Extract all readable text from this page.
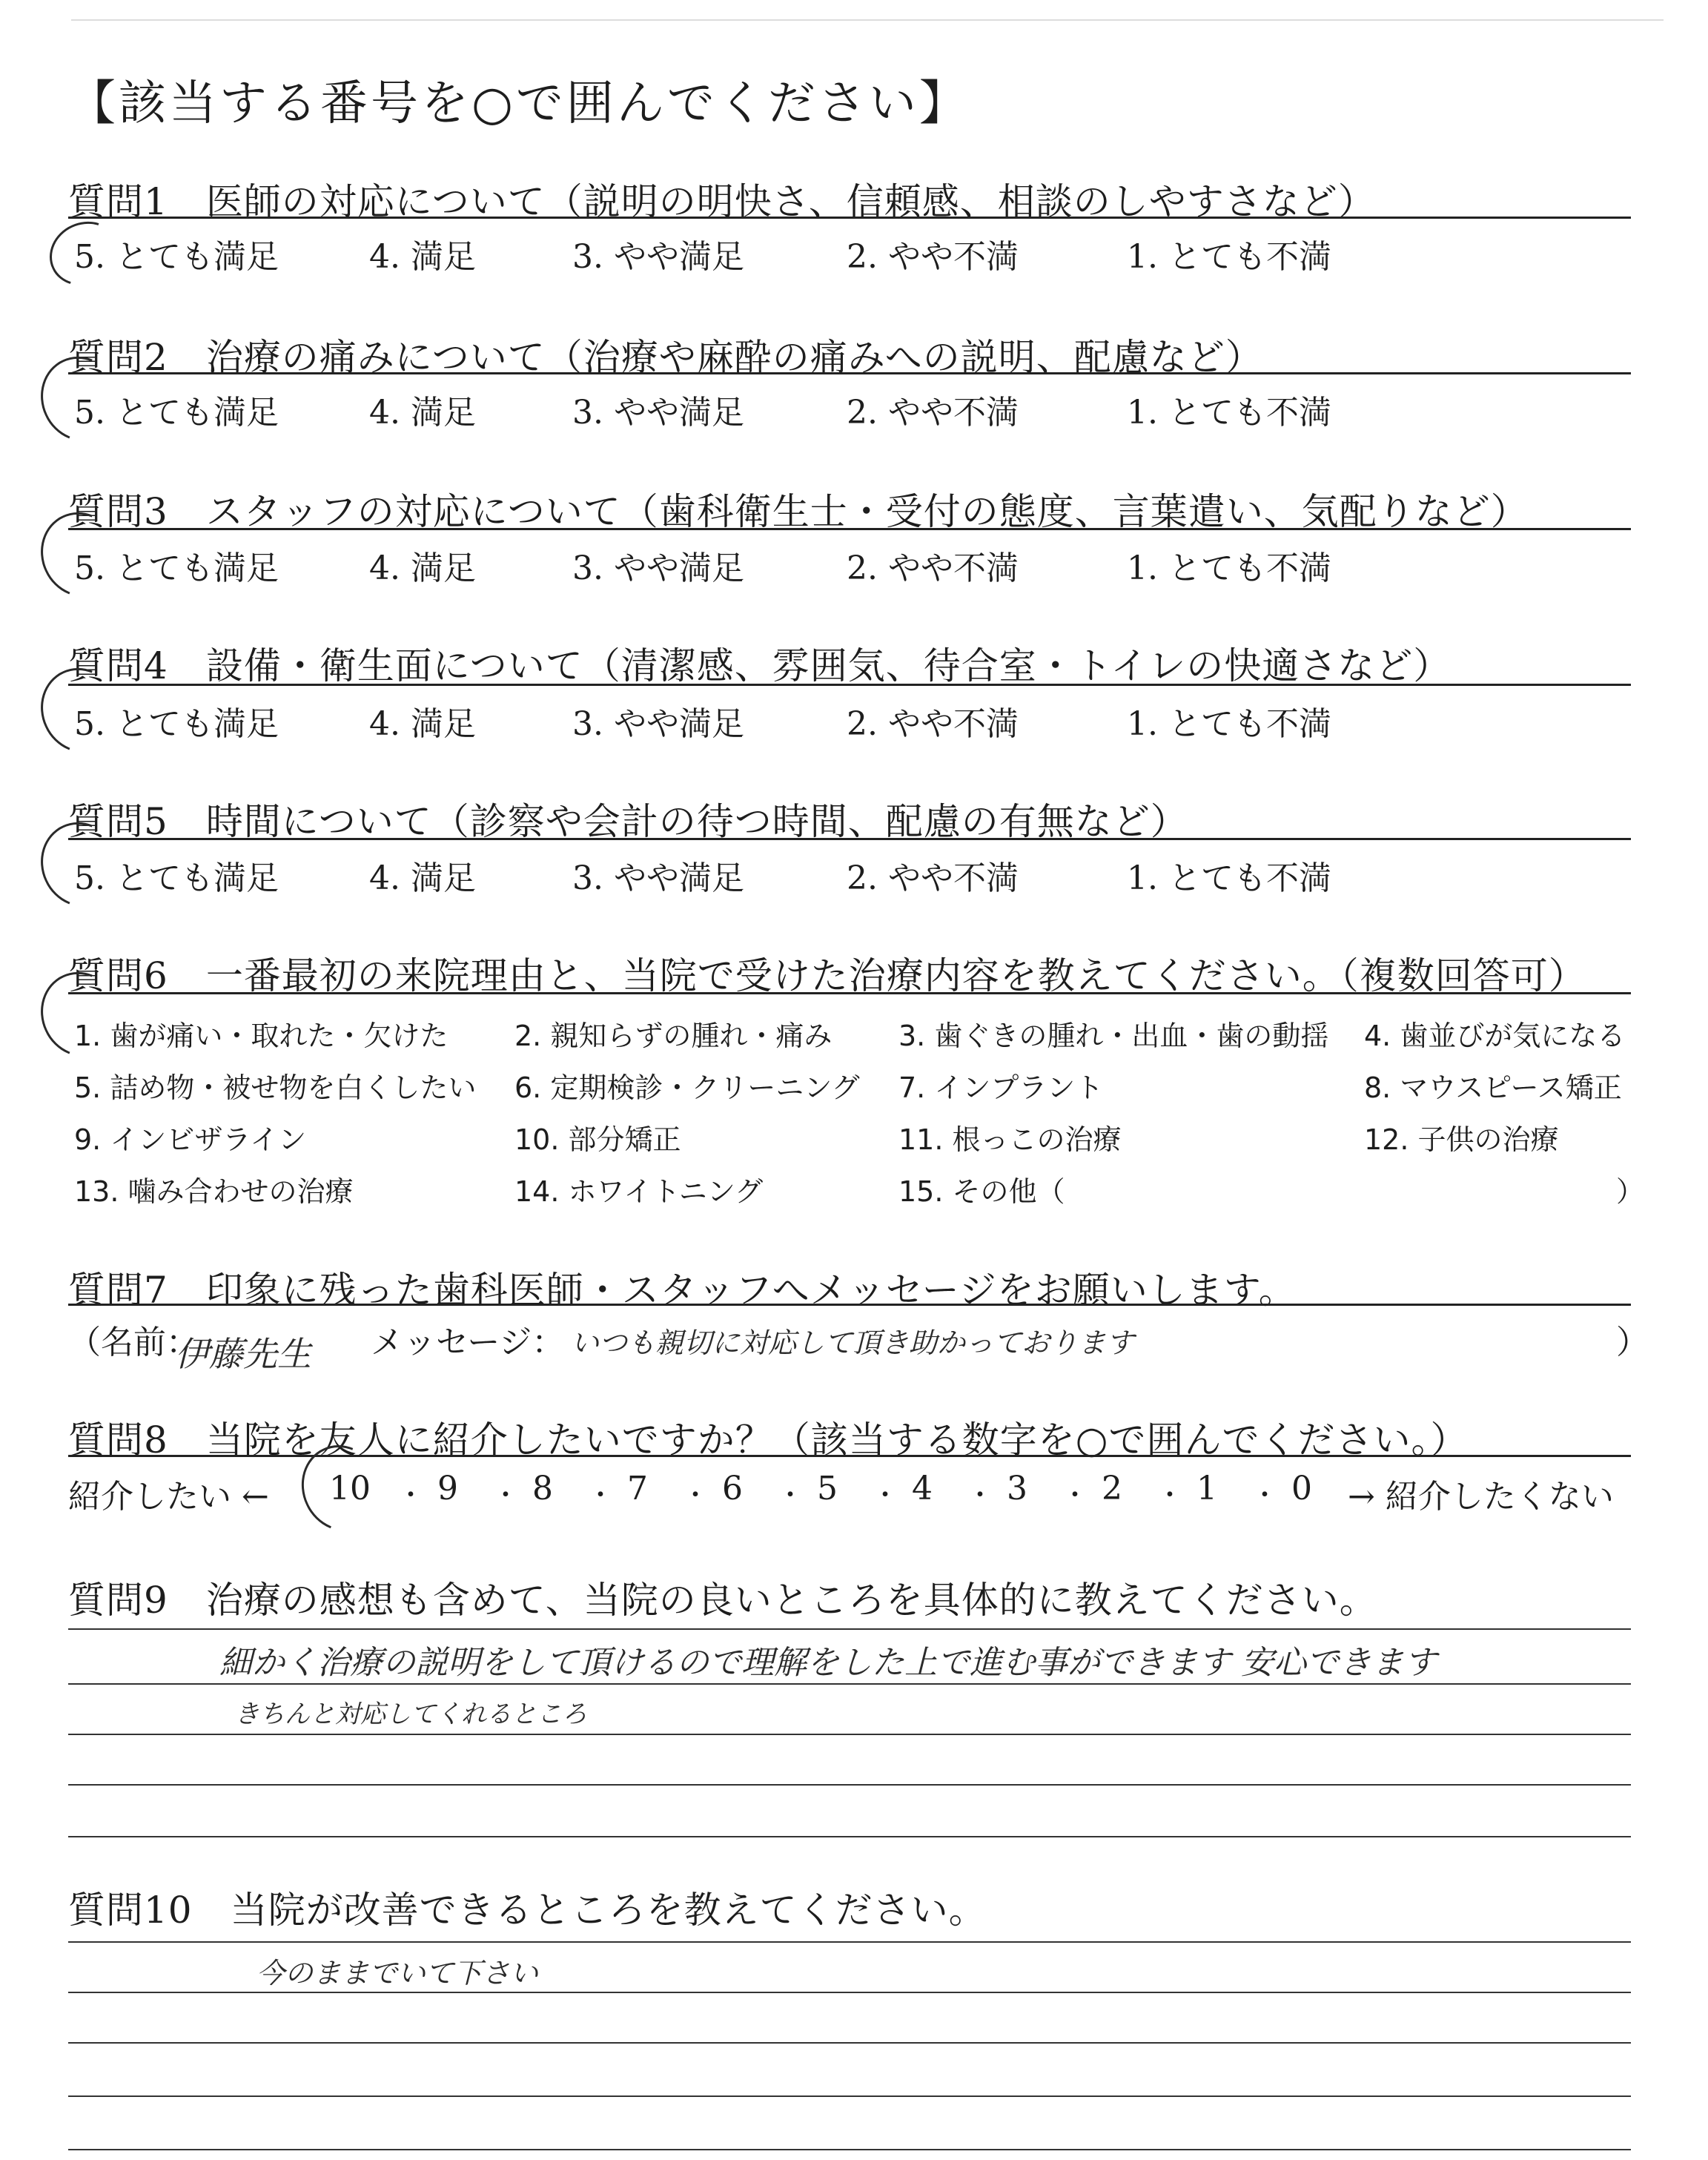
【該当する番号を○で囲んでください】
質問1　 医師の対応について（説明の明快さ、信頼感、相談のしやすさなど）
5. とても満足	4. 満足	3. やや満足	2. やや不満	1. とても不満
質問2　 治療の痛みについて（治療や麻酔の痛みへの説明、配慮など）
5. とても満足	4. 満足	3. やや満足	2. やや不満	1. とても不満
質問3　 スタッフの対応について（歯科衛生士・受付の態度、言葉遣い、気配りなど）
5. とても満足	4. 満足	3. やや満足	2. やや不満	1. とても不満
質問4　 設備・衛生面について（清潔感、雰囲気、待合室・トイレの快適さなど）
5. とても満足	4. 満足	3. やや満足	2. やや不満	1. とても不満
質問5　 時間について（診察や会計の待つ時間、配慮の有無など）
5. とても満足	4. 満足	3. やや満足	2. やや不満	1. とても不満
質問6　 一番最初の来院理由と、当院で受けた治療内容を教えてください。（複数回答可）
1. 歯が痛い・取れた・欠けた 2. 親知らずの腫れ・痛み 3. 歯ぐきの腫れ・出血・歯の動揺 4. 歯並びが気になる
5. 詰め物・被せ物を白くしたい 6. 定期検診・クリーニング 7. インプラント	8. マウスピース矯正
9. インビザライン	10. 部分矯正	11. 根っこの治療	12. 子供の治療
13. 噛み合わせの治療	14. ホワイトニング	15. その他（	）
質問7　 印象に残った歯科医師・スタッフへメッセージをお願いします。
（名前：
伊藤先生 メッセージ： いつも親切に対応して頂き助かっております	）
質問8　 当院を友人に紹介したいですか？（該当する数字を○で囲んでください。）
紹介したい ← 10 ・ 9 ・ 8 ・ 7 ・ 6 ・ 5 ・ 4 ・ 3 ・ 2 ・ 1 ・ 0 → 紹介したくない
質問9　 治療の感想も含めて、当院の良いところを具体的に教えてください。
細かく治療の説明をして頂けるので理解をした上で進む事ができます 安心できます
きちんと対応してくれるところ
質問10　 当院が改善できるところを教えてください。
今のままでいて下さい
